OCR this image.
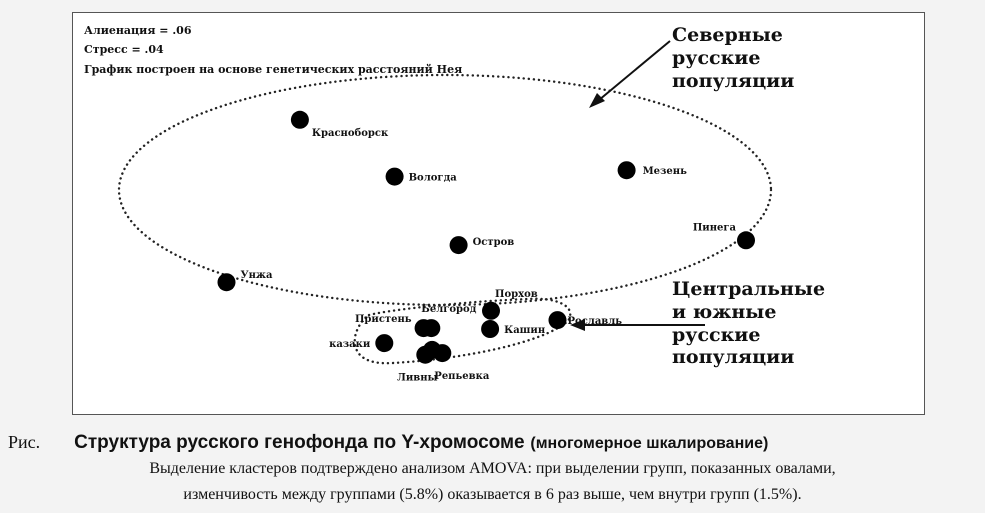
Красноборск
Вологда
Мезень
Пинега
Остров
Унжа
Порхов
Белгород
Рославль
Пристень
Кашин
казаки
Ливны
Репьевка
Алиенация = .06
Стресс = .04
График построен на основе генетических расстояний Нея
Северные
русские
популяции
Центральные
и южные
русские
популяции
Рис. Структура русского генофонда по Y-хромосоме (многомерное шкалирование)
Выделение кластеров подтверждено анализом AMOVA: при выделении групп, показанных овалами,
изменчивость между группами (5.8%) оказывается в 6 раз выше, чем внутри групп (1.5%).
